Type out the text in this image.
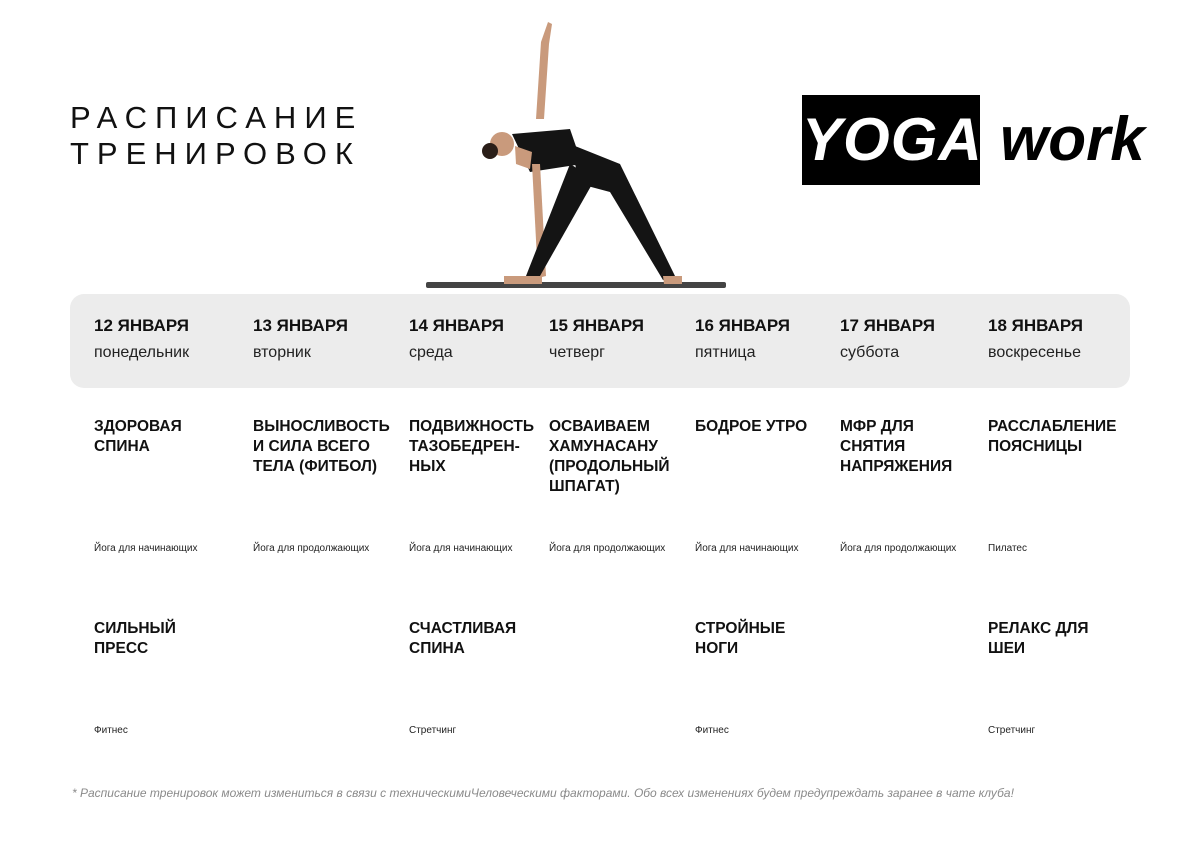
РАСПИСАНИЕ
ТРЕНИРОВОК	YOGA work
12 ЯНВАРЯ
понедельник
13 ЯНВАРЯ
вторник
14 ЯНВАРЯ
среда
15 ЯНВАРЯ
четверг
16 ЯНВАРЯ
пятница
17 ЯНВАРЯ
суббота
18 ЯНВАРЯ
воскресенье
ЗДОРОВАЯ
СПИНА
Йога для начинающих
ВЫНОСЛИВОСТЬ
И СИЛА ВСЕГО
ТЕЛА (ФИТБОЛ)
Йога для продолжающих
ПОДВИЖНОСТЬ
ТАЗОБЕДРЕН-
НЫХ
Йога для начинающих
ОСВАИВАЕМ
ХАМУНАСАНУ
(ПРОДОЛЬНЫЙ
ШПАГАТ)
Йога для продолжающих
БОДРОЕ УТРО
Йога для начинающих
МФР ДЛЯ
СНЯТИЯ
НАПРЯЖЕНИЯ
Йога для продолжающих
РАССЛАБЛЕНИЕ
ПОЯСНИЦЫ
Пилатес
СИЛЬНЫЙ
ПРЕСС
Фитнес
СЧАСТЛИВАЯ
СПИНА
Стретчинг
СТРОЙНЫЕ
НОГИ
Фитнес
РЕЛАКС ДЛЯ
ШЕИ
Стретчинг
* Расписание тренировок может измениться в связи с техническимиЧеловеческими факторами. Обо всех изменениях будем предупреждать заранее в чате клуба!
